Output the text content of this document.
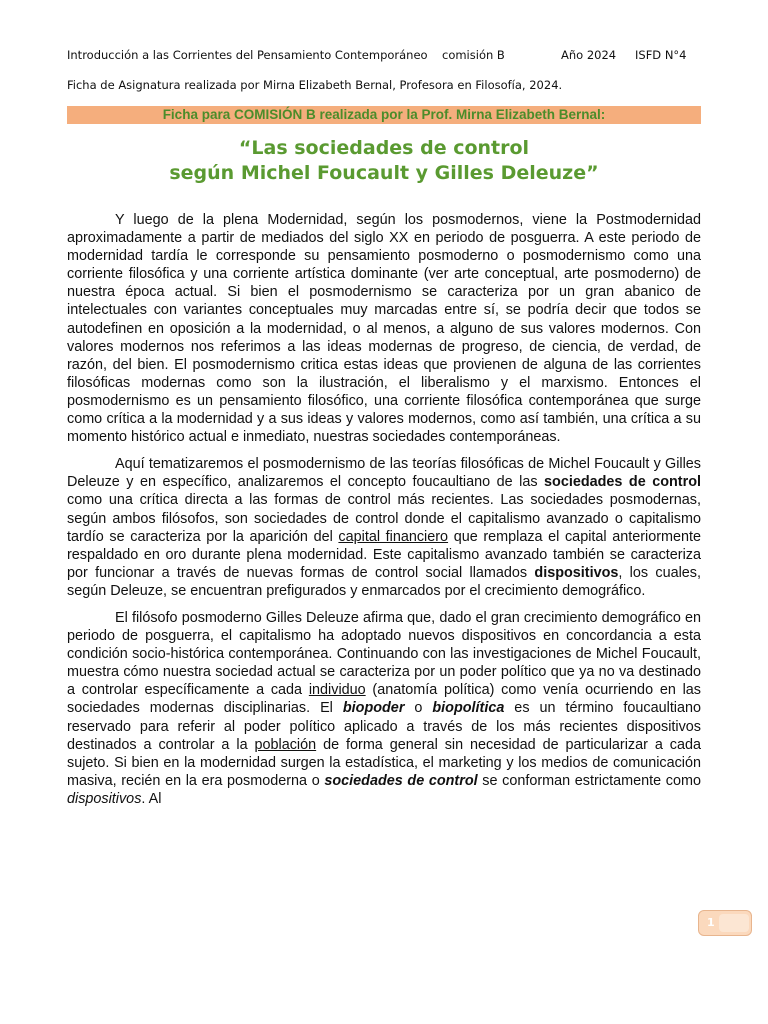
Introducción a las Corrientes del Pensamiento Contemporáneo comisión B	Año 2024 ISFD N°4
Ficha de Asignatura realizada por Mirna Elizabeth Bernal, Profesora en Filosofía, 2024.
Ficha para COMISIÓN B realizada por la Prof. Mirna Elizabeth Bernal:
“Las sociedades de control
según Michel Foucault y Gilles Deleuze”

Y luego de la plena Modernidad, según los posmodernos, viene la Postmodernidad aproximadamente a partir de mediados del siglo XX en periodo de posguerra. A este periodo de modernidad tardía le corresponde su pensamiento posmoderno o posmodernismo como una corriente filosófica y una corriente artística dominante (ver arte conceptual, arte posmoderno) de nuestra época actual. Si bien el posmodernismo se caracteriza por un gran abanico de intelectuales con variantes conceptuales muy marcadas entre sí, se podría decir que todos se autodefinen en oposición a la modernidad, o al menos, a alguno de sus valores modernos. Con valores modernos nos referimos a las ideas modernas de progreso, de ciencia, de verdad, de razón, del bien. El posmodernismo critica estas ideas que provienen de alguna de las corrientes filosóficas modernas como son la ilustración, el liberalismo y el marxismo. Entonces el posmodernismo es un pensamiento filosófico, una corriente filosófica contemporánea que surge como crítica a la modernidad y a sus ideas y valores modernos, como así también, una crítica a su momento histórico actual e inmediato, nuestras sociedades contemporáneas.

Aquí tematizaremos el posmodernismo de las teorías filosóficas de Michel Foucault y Gilles Deleuze y en específico, analizaremos el concepto foucaultiano de las sociedades de control como una crítica directa a las formas de control más recientes. Las sociedades posmodernas, según ambos filósofos, son sociedades de control donde el capitalismo avanzado o capitalismo tardío se caracteriza por la aparición del capital financiero que remplaza el capital anteriormente respaldado en oro durante plena modernidad. Este capitalismo avanzado también se caracteriza por funcionar a través de nuevas formas de control social llamados dispositivos, los cuales, según Deleuze, se encuentran prefigurados y enmarcados por el crecimiento demográfico.

El filósofo posmoderno Gilles Deleuze afirma que, dado el gran crecimiento demográfico en periodo de posguerra, el capitalismo ha adoptado nuevos dispositivos en concordancia a esta condición socio-histórica contemporánea. Continuando con las investigaciones de Michel Foucault, muestra cómo nuestra sociedad actual se caracteriza por un poder político que ya no va destinado a controlar específicamente a cada individuo (anatomía política) como venía ocurriendo en las sociedades modernas disciplinarias. El biopoder o biopolítica es un término foucaultiano reservado para referir al poder político aplicado a través de los más recientes dispositivos destinados a controlar a la población de forma general sin necesidad de particularizar a cada sujeto. Si bien en la modernidad surgen la estadística, el marketing y los medios de comunicación masiva, recién en la era posmoderna o sociedades de control se conforman estrictamente como dispositivos. Al

1
